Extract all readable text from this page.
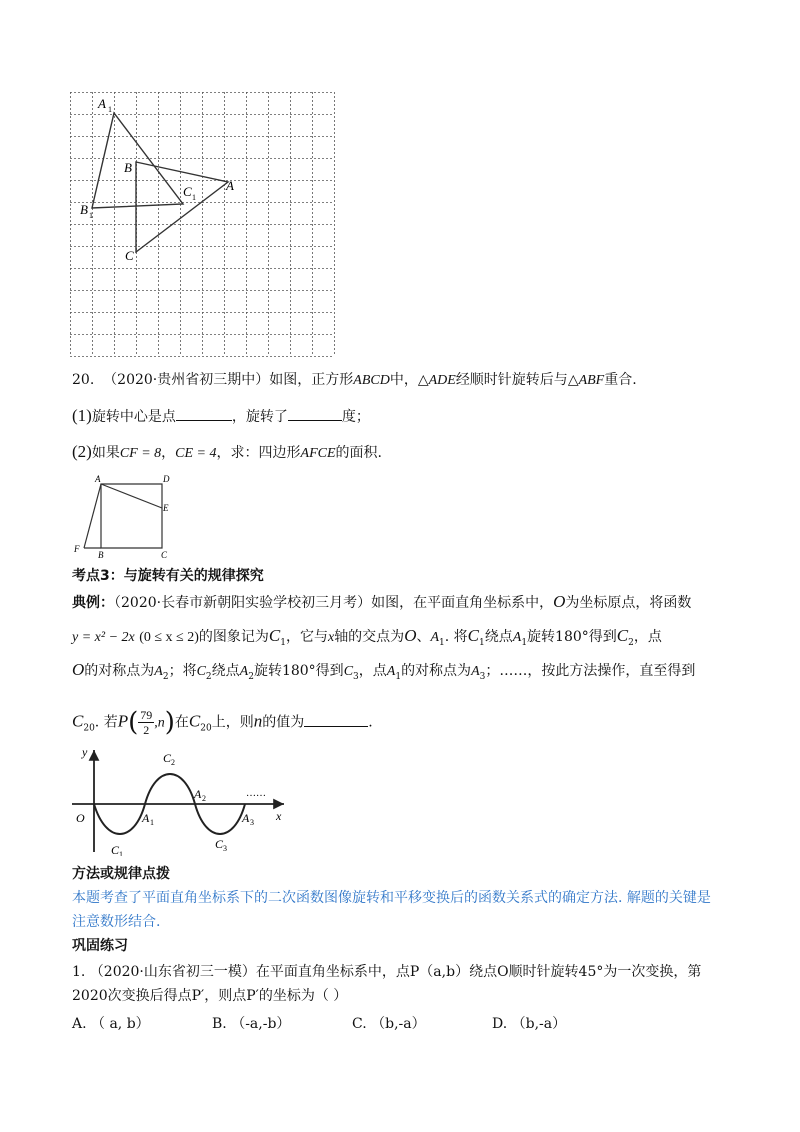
A 1
B
B 1
C 1
A
C
20. （2020·贵州省初三期中）如图，正方形ABCD中，△ADE经顺时针旋转后与△ABF重合.
(1)旋转中心是点	，旋转了	度；
(2)如果CF = 8，CE = 4，求：四边形AFCE的面积.
A	D
E
F
B	C
考点3：与旋转有关的规律探究
典例：（2020·长春市新朝阳实验学校初三月考）如图，在平面直角坐标系中，O为坐标原点，将函数
y = x² − 2x (0 ≤ x ≤ 2)的图象记为$C_1$，它与x轴的交点为O、$A_1$. 将$C_1$绕点$A_1$旋转180°得到$C_2$，点
O的对称点为$A_2$；将$C_2$绕点$A_2$旋转180°得到$C_3$，点$A_1$的对称点为$A_3$；……，按此方法操作，直至得到
$C_{20}$. 若$P( \frac{79}{2} ,n)$在$C_{20}$上，则n的值为	.
y
x
O
C 1
A 1
C 2
A 2
C 3
A 3
……
方法或规律点拨
本题考查了平面直角坐标系下的二次函数图像旋转和平移变换后的函数关系式的确定方法. 解题的关键是
注意数形结合.
巩固练习
1. （2020·山东省初三一模）在平面直角坐标系中，点P（a,b）绕点O顺时针旋转45°为一次变换，第
2020次变换后得点P′，则点P′的坐标为（ ）
A. （ a, b）	B. （-a,-b）	C. （b,-a）	D. （b,-a）
